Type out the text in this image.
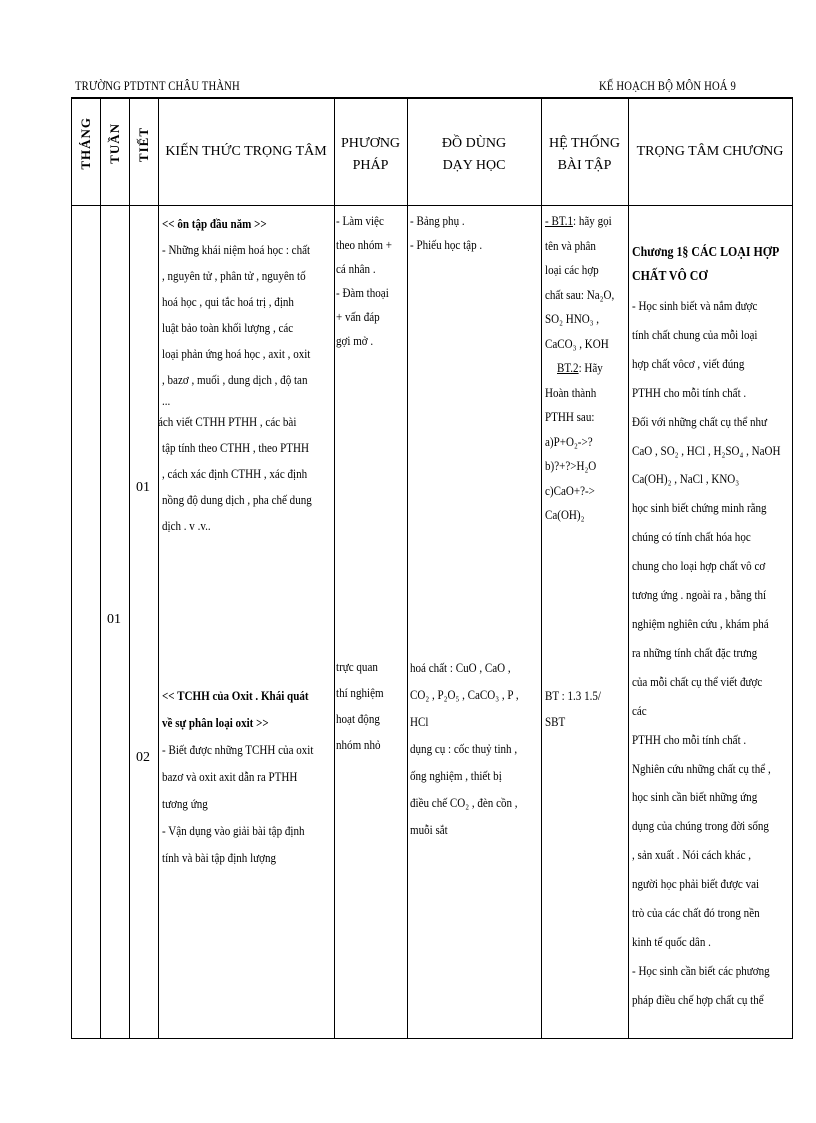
TRƯỜNG PTDTNT CHÂU THÀNH	KẾ HOẠCH BỘ MÔN HOÁ 9
THÁNG TUẦN TIẾT	KIẾN THỨC TRỌNG TÂM
PHƯƠNG
PHÁP
ĐỒ DÙNG
DẠY HỌC
HỆ THỐNG
BÀI TẬP
TRỌNG TÂM CHƯƠNG
01
01
02
<< ôn tập đầu năm >>
- Những khái niệm hoá học : chất
, nguyên tử , phân tử , nguyên tố
hoá học , qui tắc hoá trị , định
luật bảo toàn khối lượng , các
loại phản ứng hoá học , axit , oxit
, bazơ , muối , dung dịch , độ tan
...
ách viết CTHH PTHH , các bài
tập tính theo CTHH , theo PTHH
, cách xác định CTHH , xác định
nồng độ dung dịch , pha chế dung
dịch . v .v..
<< TCHH của Oxit . Khái quát
về sự phân loại oxit >>
- Biết được những TCHH của oxit
bazơ và oxit axit dẫn ra PTHH
tương ứng
- Vận dụng vào giải bài tập định
tính và bài tập định lượng
- Làm việc
theo nhóm +
cá nhân .
- Đàm thoại
+ vấn đáp
gợi mở .
trực quan
thí nghiệm
hoạt động
nhóm nhỏ
- Bảng phụ .
- Phiếu học tập .
hoá chất : CuO , CaO ,
CO₂ , P₂O₅ , CaCO₃ , P ,
HCl
dụng cụ : cốc thuỷ tinh ,
ống nghiệm , thiết bị
điều chế CO₂ , đèn cồn ,
muỗi sắt
- BT.1: hãy gọi
tên và phân
loại các hợp
chất sau: Na₂O,
SO₂ HNO₃ ,
CaCO₃ , KOH
BT.2: Hãy
Hoàn thành
PTHH sau:
a)P+O₂->?
b)?+?>H₂O
c)CaO+?->
Ca(OH)₂
BT : 1.3 1.5/
SBT
Chương 1§ CÁC LOẠI HỢP
CHẤT VÔ CƠ
- Học sinh biết và nắm được
tính chất chung của mỗi loại
hợp chất vôcơ , viết đúng
PTHH cho mỗi tính chất .
Đối với những chất cụ thể như
CaO , SO₂ , HCl , H₂SO₄ , NaOH
Ca(OH)₂ , NaCl , KNO₃
học sinh biết chứng minh rằng
chúng có tính chất hóa học
chung cho loại hợp chất vô cơ
tương ứng . ngoài ra , bằng thí
nghiệm nghiên cứu , khám phá
ra những tính chất đặc trưng
của mỗi chất cụ thể viết được
các
PTHH cho mỗi tính chất .
Nghiên cứu những chất cụ thể ,
học sinh cần biết những ứng
dụng của chúng trong đời sống
, sản xuất . Nói cách khác ,
người học phải biết được vai
trò của các chất đó trong nền
kinh tế quốc dân .
- Học sinh cần biết các phương
pháp điều chế hợp chất cụ thể
